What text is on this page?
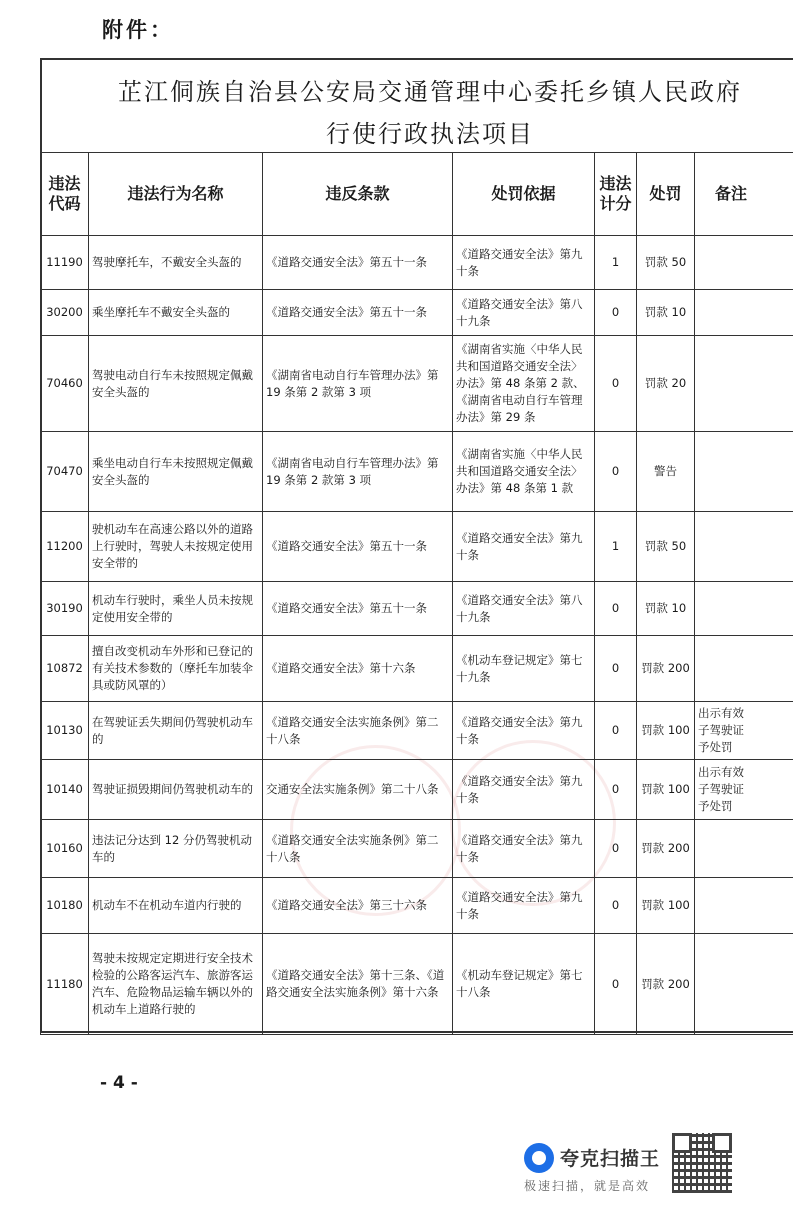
附件：
芷江侗族自治县公安局交通管理中心委托乡镇人民政府
行使行政执法项目
违法代码	违法行为名称	违反条款	处罚依据	违法计分	处罚	备注
11190	驾驶摩托车，不戴安全头盔的	《道路交通安全法》第五十一条	《道路交通安全法》第九十条	1	罚款 50	
30200	乘坐摩托车不戴安全头盔的	《道路交通安全法》第五十一条	《道路交通安全法》第八十九条	0	罚款 10	
70460	驾驶电动自行车未按照规定佩戴安全头盔的	《湖南省电动自行车管理办法》第 19 条第 2 款第 3 项	《湖南省实施〈中华人民共和国道路交通安全法〉办法》第 48 条第 2 款、《湖南省电动自行车管理办法》第 29 条	0	罚款 20	
70470	乘坐电动自行车未按照规定佩戴安全头盔的	《湖南省电动自行车管理办法》第 19 条第 2 款第 3 项	《湖南省实施〈中华人民共和国道路交通安全法〉办法》第 48 条第 1 款	0	警告	
11200	驶机动车在高速公路以外的道路上行驶时，驾驶人未按规定使用安全带的	《道路交通安全法》第五十一条	《道路交通安全法》第九十条	1	罚款 50	
30190	机动车行驶时，乘坐人员未按规定使用安全带的	《道路交通安全法》第五十一条	《道路交通安全法》第八十九条	0	罚款 10	
10872	擅自改变机动车外形和已登记的有关技术参数的（摩托车加装伞具或防风罩的）	《道路交通安全法》第十六条	《机动车登记规定》第七十九条	0	罚款 200	
10130	在驾驶证丢失期间仍驾驶机动车的	《道路交通安全法实施条例》第二十八条	《道路交通安全法》第九十条	0	罚款 100	出示有效
子驾驶证
予处罚
10140	驾驶证损毁期间仍驾驶机动车的	交通安全法实施条例》第二十八条	《道路交通安全法》第九十条	0	罚款 100	出示有效
子驾驶证
予处罚
10160	违法记分达到 12 分仍驾驶机动车的	《道路交通安全法实施条例》第二十八条	《道路交通安全法》第九十条	0	罚款 200	
10180	机动车不在机动车道内行驶的	《道路交通安全法》第三十六条	《道路交通安全法》第九十条	0	罚款 100	
11180	驾驶未按规定定期进行安全技术检验的公路客运汽车、旅游客运汽车、危险物品运输车辆以外的机动车上道路行驶的	《道路交通安全法》第十三条、《道路交通安全法实施条例》第十六条	《机动车登记规定》第七十八条	0	罚款 200	
- 4 -
夸克扫描王
极速扫描，就是高效
